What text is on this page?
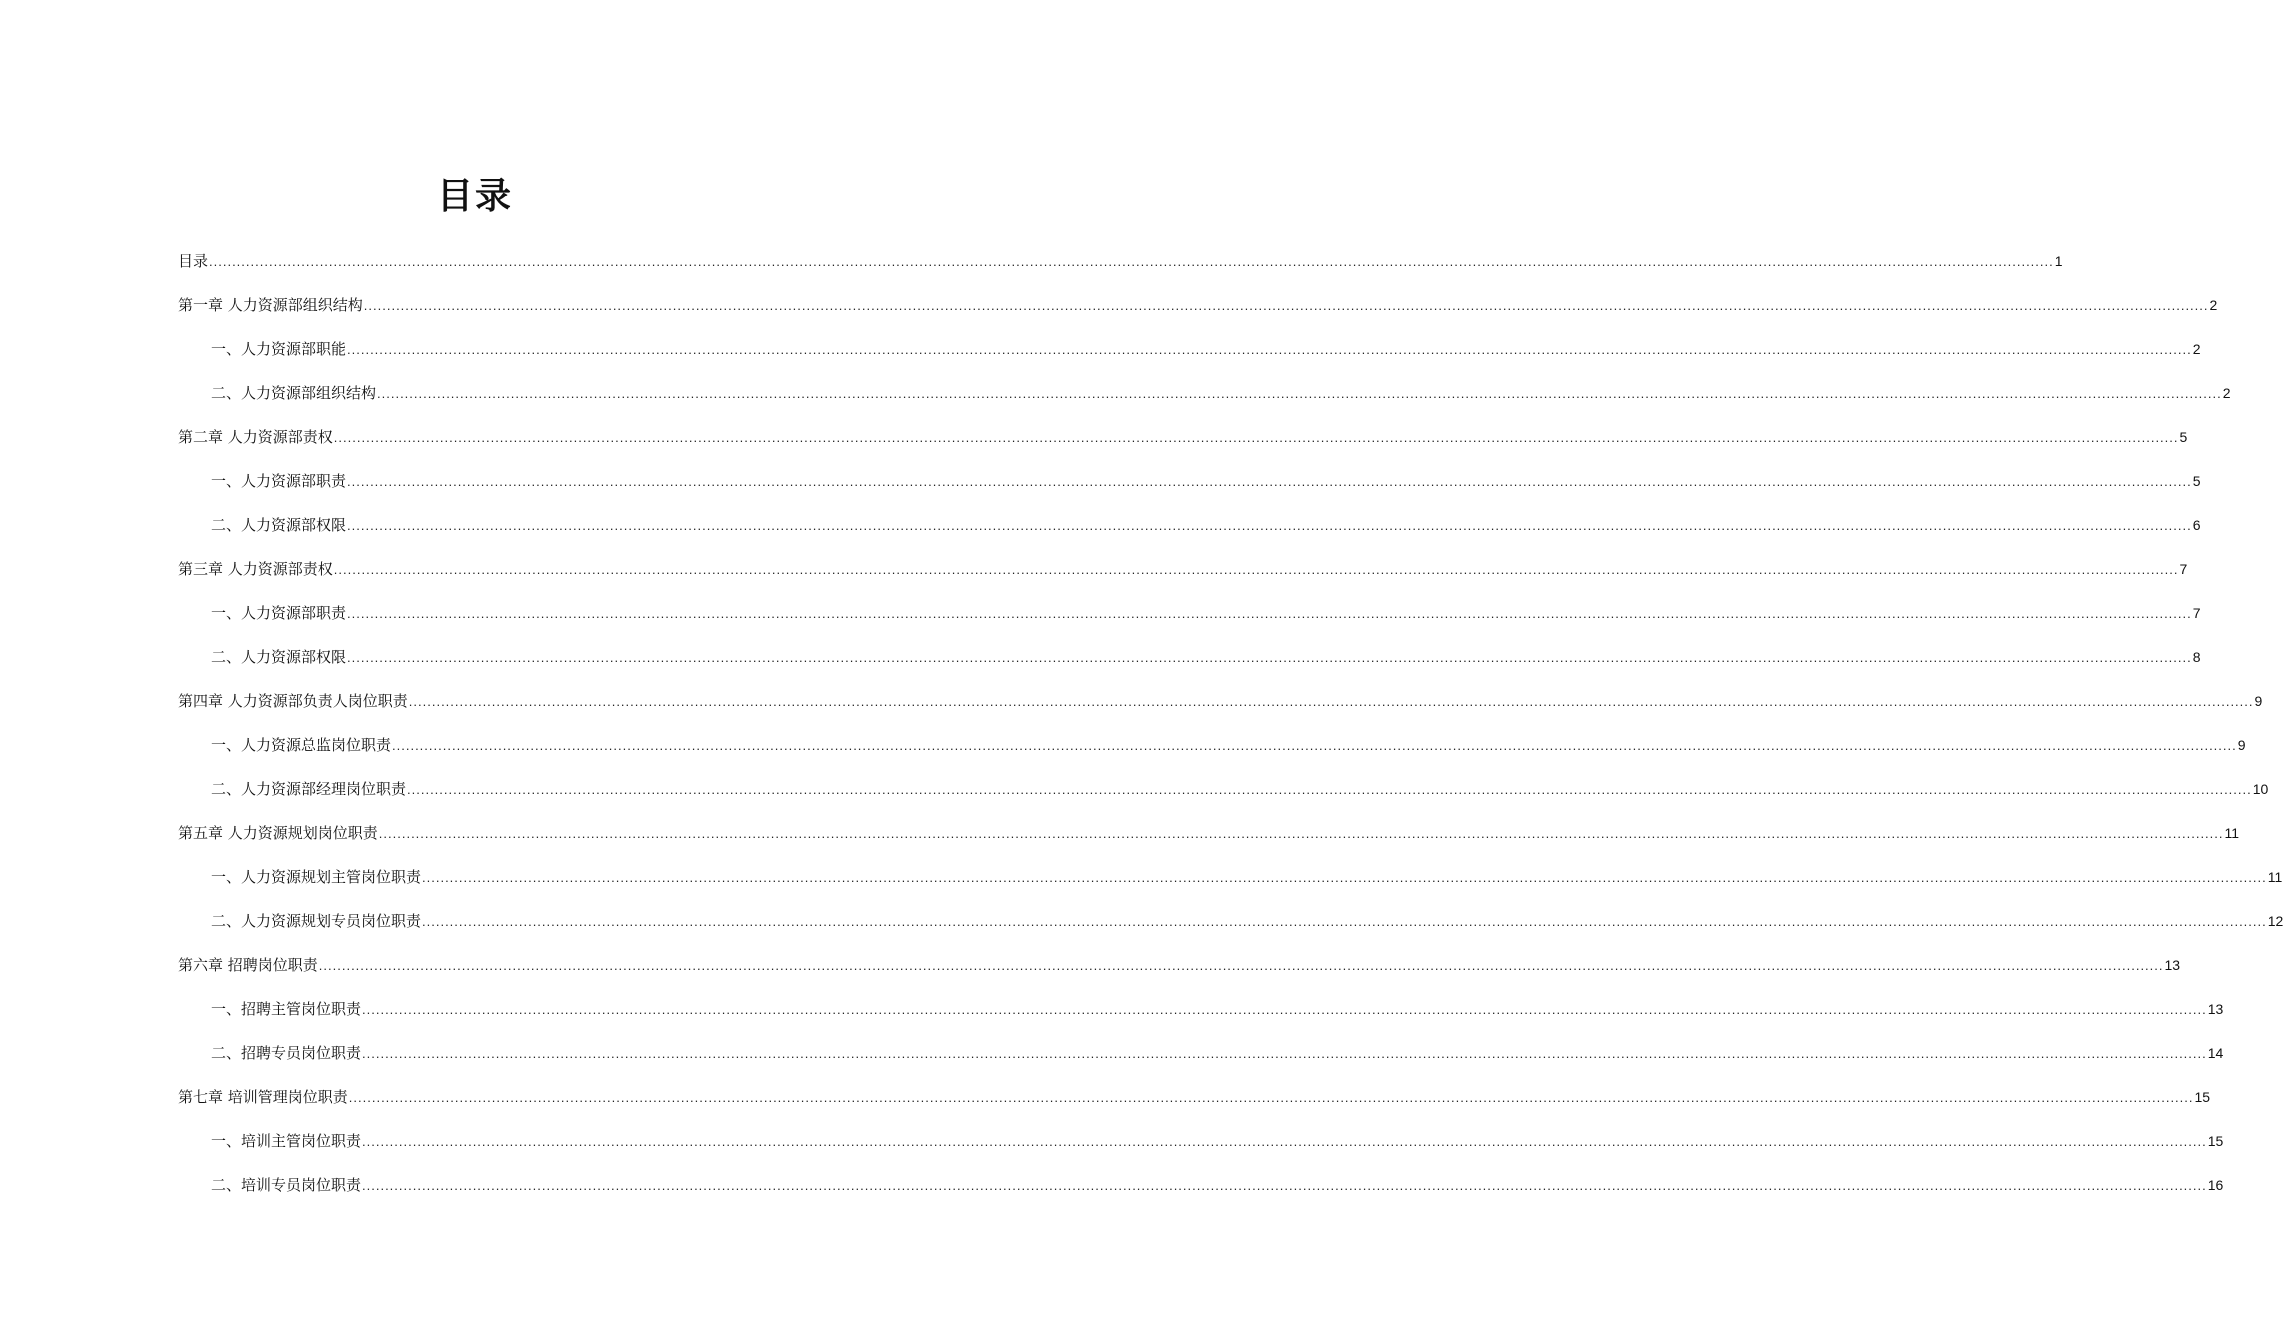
目录
目录 ................................................................................................................................................................................................................................................................................................................................................................................................................ 1
第一章 人力资源部组织结构 ................................................................................................................................................................................................................................................................................................................................................................................................................ 2
一、人力资源部职能 ................................................................................................................................................................................................................................................................................................................................................................................................................ 2
二、人力资源部组织结构 ................................................................................................................................................................................................................................................................................................................................................................................................................ 2
第二章 人力资源部责权 ................................................................................................................................................................................................................................................................................................................................................................................................................ 5
一、人力资源部职责 ................................................................................................................................................................................................................................................................................................................................................................................................................ 5
二、人力资源部权限 ................................................................................................................................................................................................................................................................................................................................................................................................................ 6
第三章 人力资源部责权 ................................................................................................................................................................................................................................................................................................................................................................................................................ 7
一、人力资源部职责 ................................................................................................................................................................................................................................................................................................................................................................................................................ 7
二、人力资源部权限 ................................................................................................................................................................................................................................................................................................................................................................................................................ 8
第四章 人力资源部负责人岗位职责 ................................................................................................................................................................................................................................................................................................................................................................................................................ 9
一、人力资源总监岗位职责 ................................................................................................................................................................................................................................................................................................................................................................................................................ 9
二、人力资源部经理岗位职责 ................................................................................................................................................................................................................................................................................................................................................................................................................ 10
第五章 人力资源规划岗位职责 ................................................................................................................................................................................................................................................................................................................................................................................................................ 11
一、人力资源规划主管岗位职责 ................................................................................................................................................................................................................................................................................................................................................................................................................ 11
二、人力资源规划专员岗位职责 ................................................................................................................................................................................................................................................................................................................................................................................................................ 12
第六章 招聘岗位职责 ................................................................................................................................................................................................................................................................................................................................................................................................................ 13
一、招聘主管岗位职责 ................................................................................................................................................................................................................................................................................................................................................................................................................ 13
二、招聘专员岗位职责 ................................................................................................................................................................................................................................................................................................................................................................................................................ 14
第七章 培训管理岗位职责 ................................................................................................................................................................................................................................................................................................................................................................................................................ 15
一、培训主管岗位职责 ................................................................................................................................................................................................................................................................................................................................................................................................................ 15
二、培训专员岗位职责 ................................................................................................................................................................................................................................................................................................................................................................................................................ 16
